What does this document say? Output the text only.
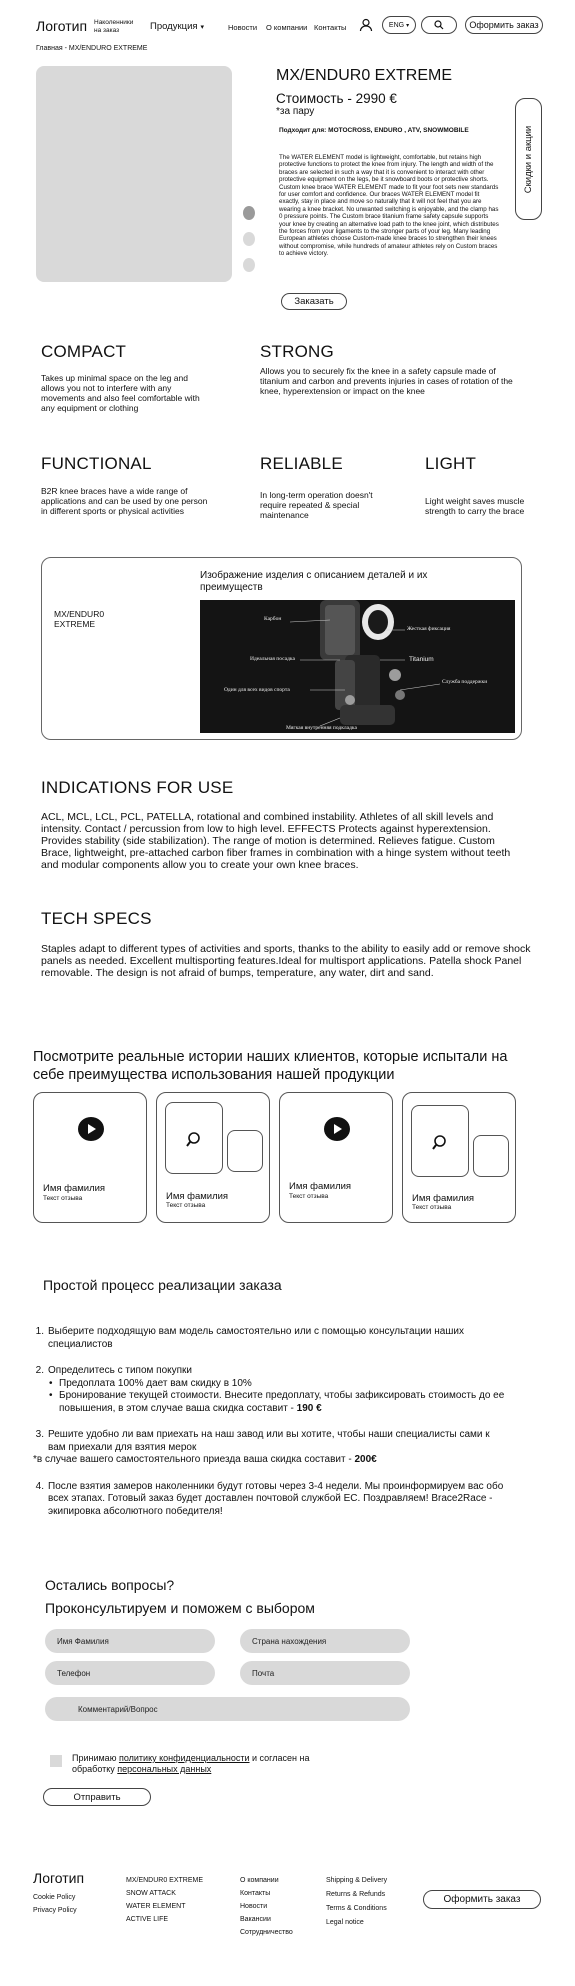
Логотип Наколенники
на заказ	Продукция ▾	Новости О компании Контакты	ENG ▾	Оформить заказ
Главная - MX/ENDURO EXTREME
MX/ENDUR0 EXTREME
Стоимость - 2990 €
*за пару
Подходит для: MOTOCROSS, ENDURO , ATV, SNOWMOBILE
The WATER ELEMENT model is lightweight, comfortable, but retains high protective functions to protect the knee from injury. The length and width of the braces are selected in such a way that it is convenient to interact with other protective equipment on the legs, be it snowboard boots or protective shorts.
Custom knee brace WATER ELEMENT made to fit your foot sets new standards for user comfort and confidence. Our braces WATER ELEMENT model fit exactly, stay in place and move so naturally that it will not feel that you are wearing a knee bracket. No unwanted switching is enjoyable, and the clamp has 0 pressure points. The Custom brace titanium frame safety capsule supports your knee by creating an alternative load path to the knee joint, which distributes the forces from your ligaments to the stronger parts of your leg. Many leading European athletes choose Custom-made knee braces to strengthen their knees without compromise, while hundreds of amateur athletes rely on Custom braces to achieve victory.
Заказать
Скидки и акции
COMPACT
Takes up minimal space on the leg and allows you not to interfere with any movements and also feel comfortable with any equipment or clothing
STRONG
Allows you to securely fix the knee in a safety capsule made of titanium and carbon and prevents injuries in cases of rotation of the knee, hyperextension or impact on the knee
FUNCTIONAL
B2R knee braces have a wide range of applications and can be used by one person in different sports or physical activities
RELIABLE
In long-term operation doesn't require repeated & special maintenance
LIGHT
Light weight saves muscle strength to carry the brace
MX/ENDUR0
EXTREME
Изображение изделия с описанием деталей и их преимуществ
Карбон
Жесткая фиксация
Идеальная посадка	Titanium
Служба поддержки
Один для всех видов спорта
Мягкая внутренняя подкладка
INDICATIONS FOR USE
ACL, MCL, LCL, PCL, PATELLA, rotational and combined instability. Athletes of all skill levels and intensity. Contact / percussion from low to high level. EFFECTS Protects against hyperextension. Provides stability (side stabilization). The range of motion is determined. Relieves fatigue. Custom Brace, lightweight, pre-attached carbon fiber frames in combination with a hinge system without teeth and modular components allow you to create your own knee braces.
TECH SPECS
Staples adapt to different types of activities and sports, thanks to the ability to easily add or remove shock panels as needed. Excellent multisporting features.Ideal for multisport applications. Patella shock Panel removable. The design is not afraid of bumps, temperature, any water, dirt and sand.
Посмотрите реальные истории наших клиентов, которые испытали на себе преимущества использования нашей продукции
Имя фамилия
Текст отзыва	Имя фамилия
Текст отзыва
Имя фамилия
Текст отзыва	Имя фамилия
Текст отзыва
Простой процесс реализации заказа
Остались вопросы?
Проконсультируем и поможем с выбором
Имя Фамилия	Страна нахождения
Телефон	Почта
Комментарий/Вопрос
Принимаю политику конфиденциальности и согласен на
обработку персональных данных
Отправить
Логотип
Cookie Policy
Privacy Policy
MX/ENDUR0 EXTREME
SNOW ATTACK
WATER ELEMENT
ACTIVE LIFE
О компании
Контакты
Новости
Вакансии
Сотрудничество
Shipping & Delivery
Returns & Refunds
Terms & Conditions
Legal notice
Оформить заказ
1. Выберите подходящую вам модель самостоятельно или с помощью консультации наших специалистов
2. Определитесь с типом покупки
• Предоплата 100% дает вам скидку в 10%
• Бронирование текущей стоимости. Внесите предоплату, чтобы зафиксировать стоимость до ее повышения, в этом случае ваша скидка составит - 190 €
3. Решите удобно ли вам приехать на наш завод или вы хотите, чтобы наши специалисты сами к вам приехали для взятия мерок
*в случае вашего самостоятельного приезда ваша скидка составит - 200€
4. После взятия замеров наколенники будут готовы через 3-4 недели. Мы проинформируем вас обо всех этапах. Готовый заказ будет доставлен почтовой службой ЕС. Поздравляем! Brace2Race - экипировка абсолютного победителя!
